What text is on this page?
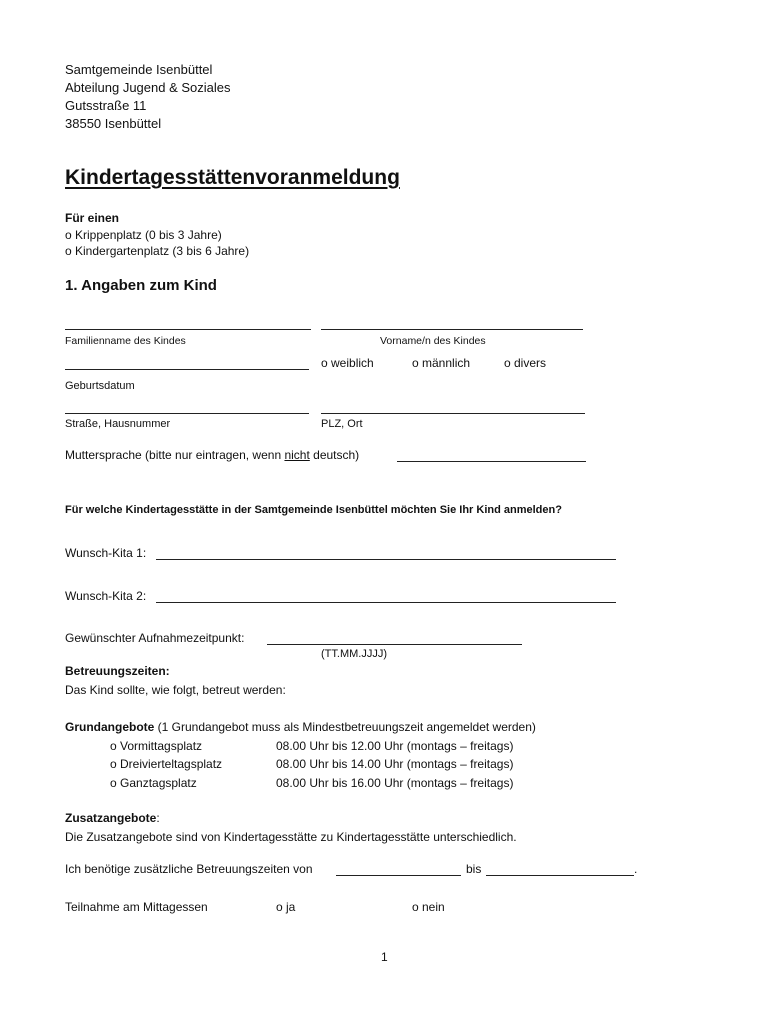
Samtgemeinde Isenbüttel
Abteilung Jugend & Soziales
Gutsstraße 11
38550 Isenbüttel
Kindertagesstättenvoranmeldung
Für einen
o Krippenplatz (0 bis 3 Jahre)
o Kindergartenplatz (3 bis 6 Jahre)
1. Angaben zum Kind
Familienname des Kindes	Vorname/n des Kindes
o weiblich	o männlich	o divers
Geburtsdatum
Straße, Hausnummer	PLZ, Ort
Muttersprache (bitte nur eintragen, wenn nicht deutsch)
Für welche Kindertagesstätte in der Samtgemeinde Isenbüttel möchten Sie Ihr Kind anmelden?
Wunsch-Kita 1:
Wunsch-Kita 2:
Gewünschter Aufnahmezeitpunkt:
(TT.MM.JJJJ)
Betreuungszeiten:
Das Kind sollte, wie folgt, betreut werden:
Grundangebote (1 Grundangebot muss als Mindestbetreuungszeit angemeldet werden)
o Vormittagsplatz	08.00 Uhr bis 12.00 Uhr (montags – freitags)
o Dreivierteltagsplatz	08.00 Uhr bis 14.00 Uhr (montags – freitags)
o Ganztagsplatz	08.00 Uhr bis 16.00 Uhr (montags – freitags)
Zusatzangebote:
Die Zusatzangebote sind von Kindertagesstätte zu Kindertagesstätte unterschiedlich.
Ich benötige zusätzliche Betreuungszeiten von	bis	.
Teilnahme am Mittagessen	o ja	o nein
1
